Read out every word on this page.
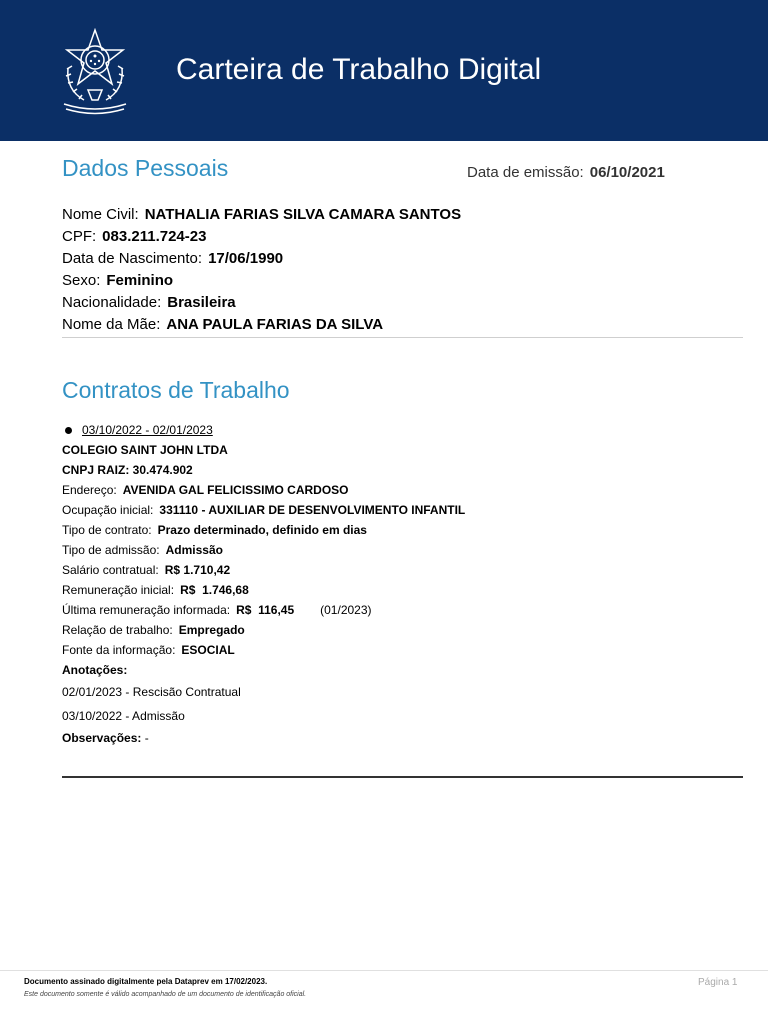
Carteira de Trabalho Digital
Dados Pessoais	Data de emissão: 06/10/2021
Nome Civil: NATHALIA FARIAS SILVA CAMARA SANTOS
CPF: 083.211.724-23
Data de Nascimento: 17/06/1990
Sexo: Feminino
Nacionalidade: Brasileira
Nome da Mãe: ANA PAULA FARIAS DA SILVA
Contratos de Trabalho
03/10/2022 - 02/01/2023
COLEGIO SAINT JOHN LTDA
CNPJ RAIZ: 30.474.902
Endereço: AVENIDA GAL FELICISSIMO CARDOSO
Ocupação inicial: 331110 - AUXILIAR DE DESENVOLVIMENTO INFANTIL
Tipo de contrato: Prazo determinado, definido em dias
Tipo de admissão: Admissão
Salário contratual: R$ 1.710,42
Remuneração inicial: R$  1.746,68
Última remuneração informada: R$  116,45 (01/2023)
Relação de trabalho: Empregado
Fonte da informação: ESOCIAL
Anotações:
02/01/2023 - Rescisão Contratual
03/10/2022 - Admissão
Observações: -
Documento assinado digitalmente pela Dataprev em 17/02/2023.
Este documento somente é válido acompanhado de um documento de identificação oficial.
Página 1
